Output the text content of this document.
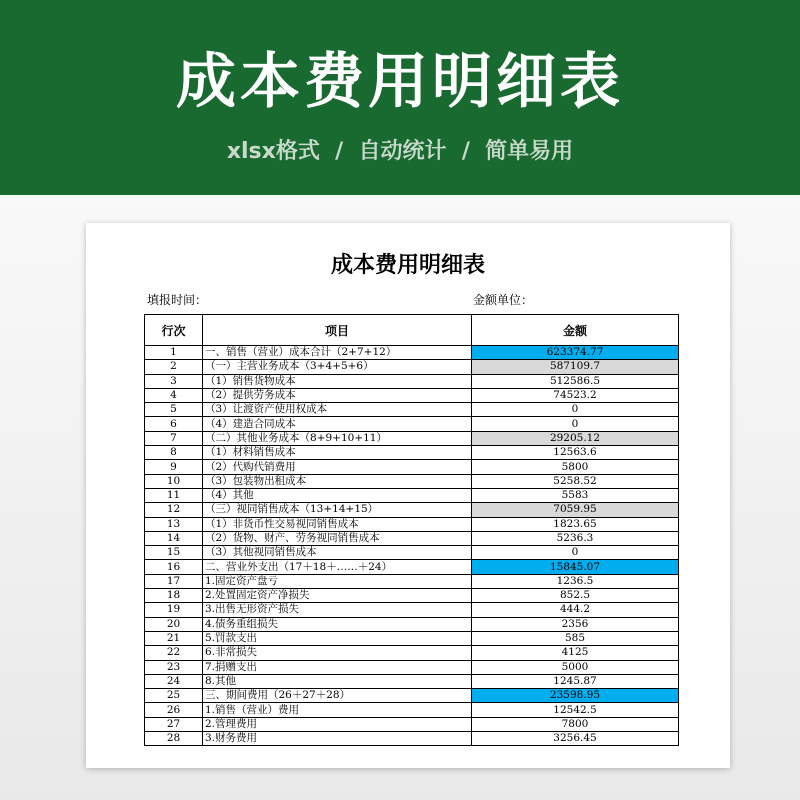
成本费用明细表
xlsx格式  /  自动统计  /  简单易用
成本费用明细表
填报时间：	金额单位：
行次	项目	金额
1	一、销售（营业）成本合计（2+7+12）	623374.77
2	（一）主营业务成本（3+4+5+6）	587109.7
3	（1）销售货物成本	512586.5
4	（2）提供劳务成本	74523.2
5	（3）让渡资产使用权成本	0
6	（4）建造合同成本	0
7	（二）其他业务成本（8+9+10+11）	29205.12
8	（1）材料销售成本	12563.6
9	（2）代购代销费用	5800
10	（3）包装物出租成本	5258.52
11	（4）其他	5583
12	（三）视同销售成本（13+14+15）	7059.95
13	（1）非货币性交易视同销售成本	1823.65
14	（2）货物、财产、劳务视同销售成本	5236.3
15	（3）其他视同销售成本	0
16	二、营业外支出（17＋18＋……＋24）	15845.07
17	1.固定资产盘亏	1236.5
18	2.处置固定资产净损失	852.5
19	3.出售无形资产损失	444.2
20	4.债务重组损失	2356
21	5.罚款支出	585
22	6.非常损失	4125
23	7.捐赠支出	5000
24	8.其他	1245.87
25	三、期间费用（26＋27＋28）	23598.95
26	1.销售（营业）费用	12542.5
27	2.管理费用	7800
28	3.财务费用	3256.45
